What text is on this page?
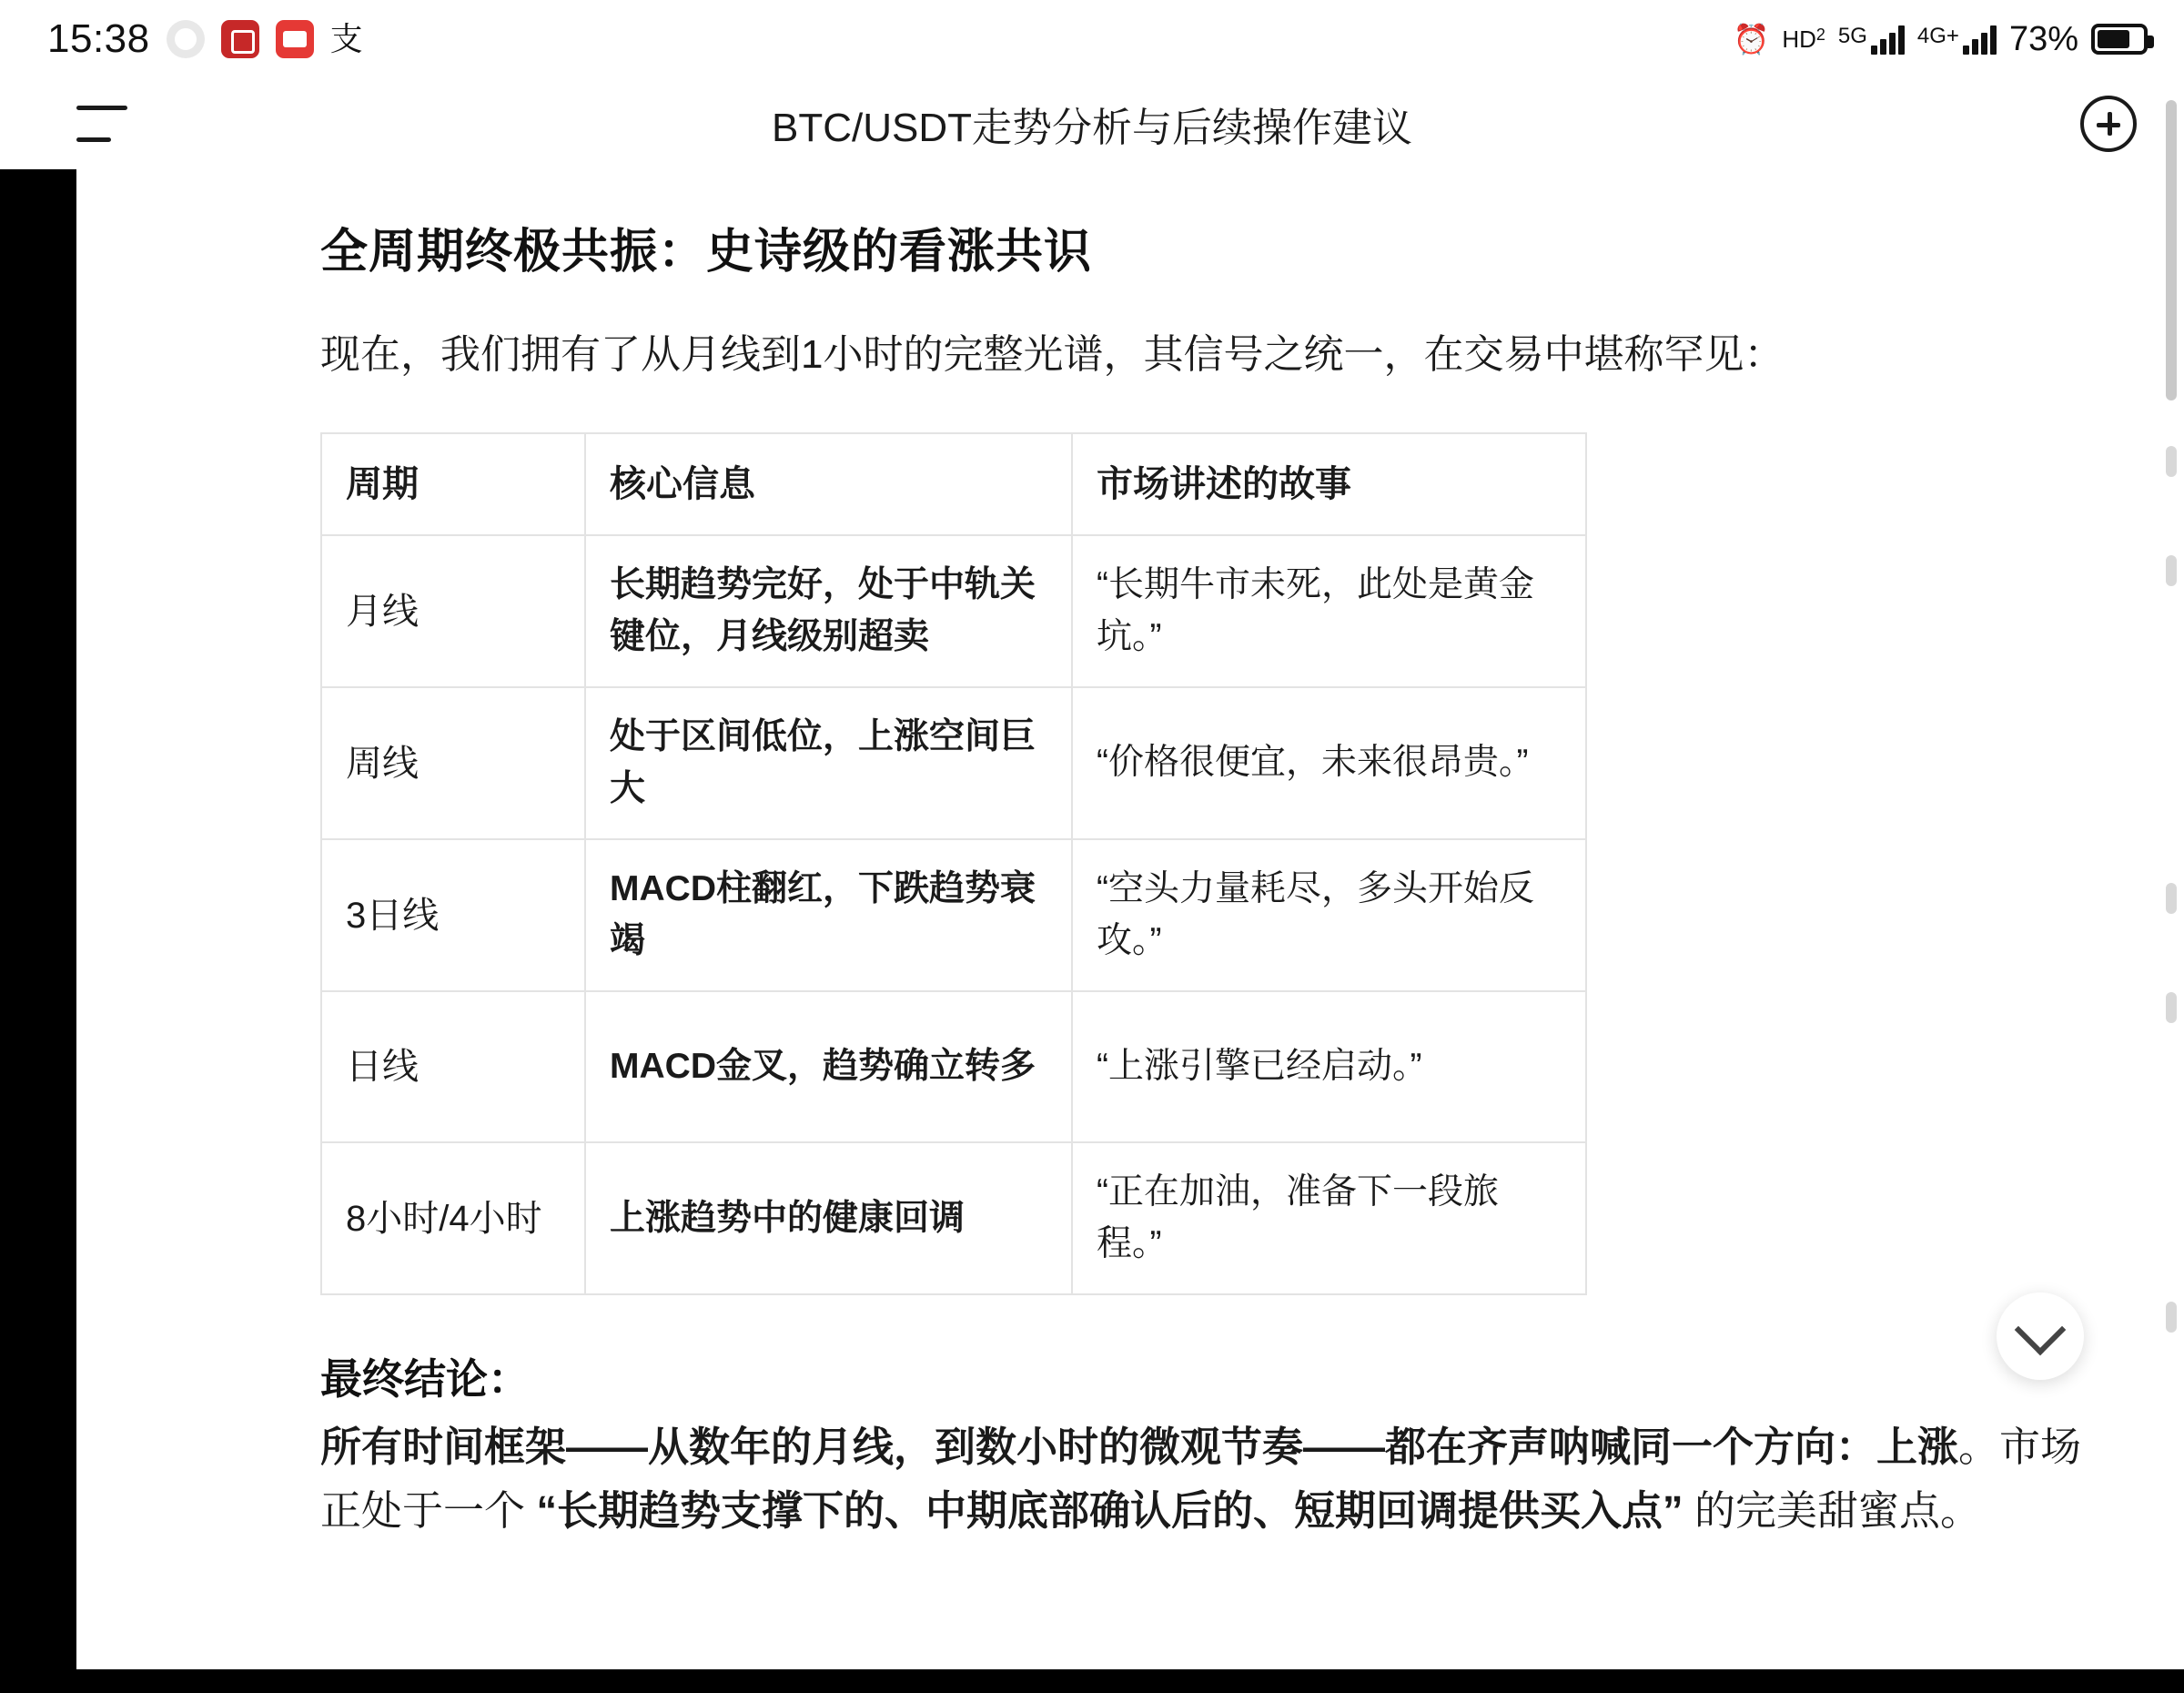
15:38	支	⏰ HD 2 5G 4G+ 73%
BTC/USDT走势分析与后续操作建议
全周期终极共振：史诗级的看涨共识

现在，我们拥有了从月线到1小时的完整光谱，其信号之统一，在交易中堪称罕见：

周期	核心信息	市场讲述的故事
月线	长期趋势完好，处于中轨关键位，月线级别超卖	“长期牛市未死，此处是黄金坑。”
周线	处于区间低位，上涨空间巨大	“价格很便宜，未来很昂贵。”
3日线	MACD柱翻红，下跌趋势衰竭	“空头力量耗尽，多头开始反攻。”
日线	MACD金叉，趋势确立转多	“上涨引擎已经启动。”
8小时/4小时	上涨趋势中的健康回调	“正在加油，准备下一段旅程。”
最终结论：
所有时间框架——从数年的月线，到数小时的微观节奏——都在齐声呐喊同一个方向：上涨。市场正处于一个 “长期趋势支撑下的、中期底部确认后的、短期回调提供买入点” 的完美甜蜜点。
